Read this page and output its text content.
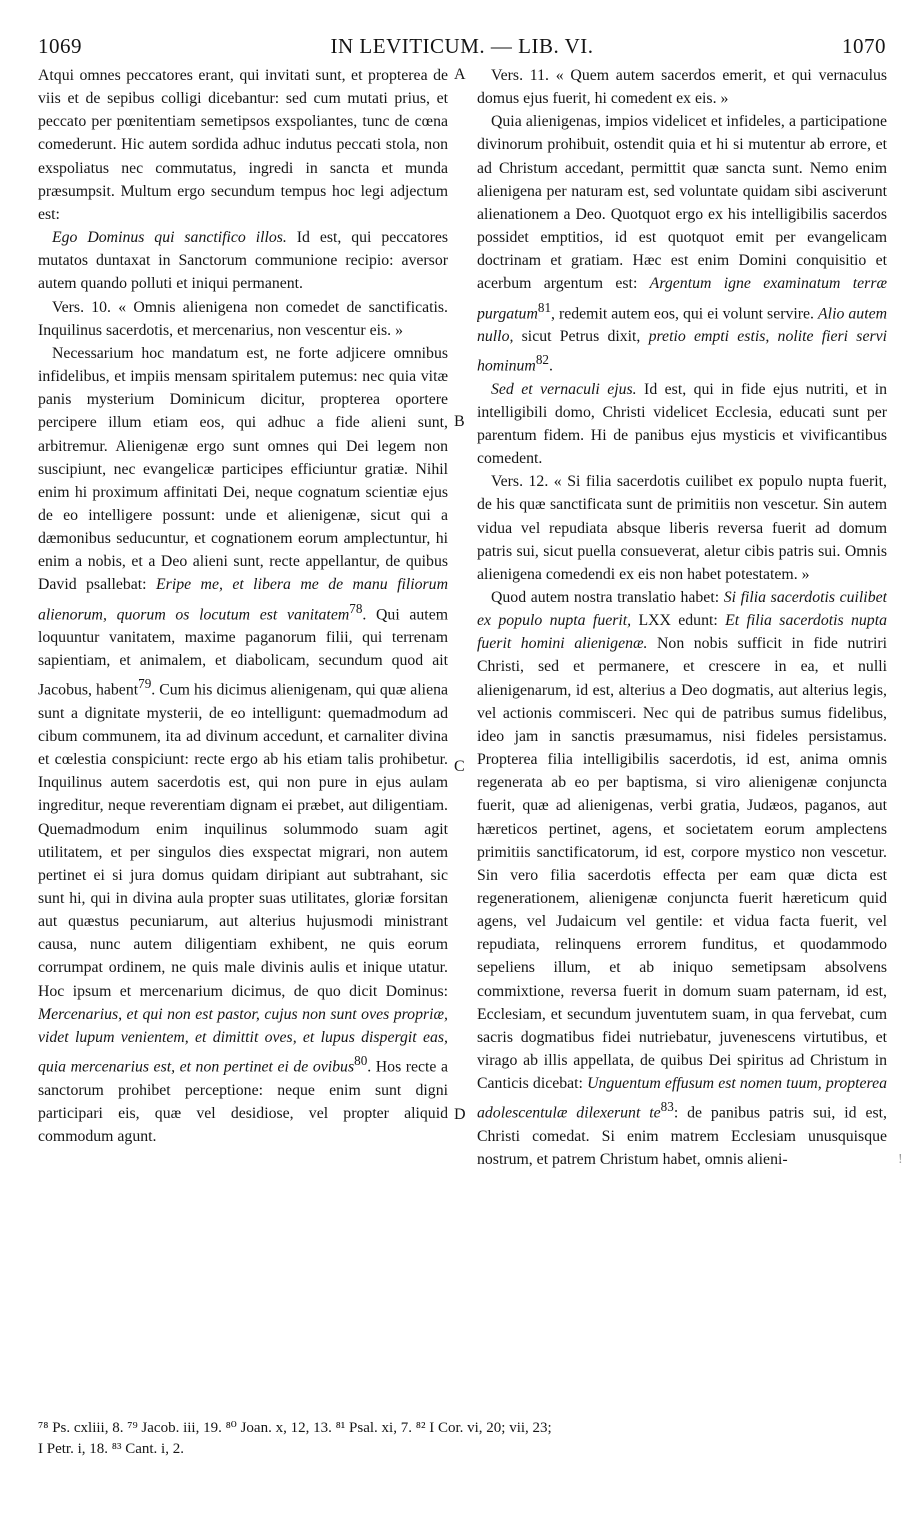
1069	IN LEVITICUM. — LIB. VI.	1070

Atqui omnes peccatores erant, qui invitati sunt, et propterea de viis et de sepibus colligi dicebantur: sed cum mutati prius, et peccato per pœnitentiam semetipsos exspoliantes, tunc de cœna comederunt. Hic autem sordida adhuc indutus peccati stola, non exspoliatus nec commutatus, ingredi in sancta et munda præsumpsit. Multum ergo secundum tempus hoc legi adjectum est:

Ego Dominus qui sanctifico illos. Id est, qui peccatores mutatos duntaxat in Sanctorum communione recipio: aversor autem quando polluti et iniqui permanent.

Vers. 10. « Omnis alienigena non comedet de sanctificatis. Inquilinus sacerdotis, et mercenarius, non vescentur eis. »

Necessarium hoc mandatum est, ne forte adjicere omnibus infidelibus, et impiis mensam spiritalem putemus: nec quia vitæ panis mysterium Dominicum dicitur, propterea oportere percipere illum etiam eos, qui adhuc a fide alieni sunt, arbitremur. Alienigenæ ergo sunt omnes qui Dei legem non suscipiunt, nec evangelicæ participes efficiuntur gratiæ. Nihil enim hi proximum affinitati Dei, neque cognatum scientiæ ejus de eo intelligere possunt: unde et alienigenæ, sicut qui a dæmonibus seducuntur, et cognationem eorum amplectuntur, hi enim a nobis, et a Deo alieni sunt, recte appellantur, de quibus David psallebat: Eripe me, et libera me de manu filiorum alienorum, quorum os locutum est vanitatem$^{78}$. Qui autem loquuntur vanitatem, maxime paganorum filii, qui terrenam sapientiam, et animalem, et diabolicam, secundum quod ait Jacobus, habent$^{79}$. Cum his dicimus alienigenam, qui quæ aliena sunt a dignitate mysterii, de eo intelligunt: quemadmodum ad cibum communem, ita ad divinum accedunt, et carnaliter divina et cœlestia conspiciunt: recte ergo ab his etiam talis prohibetur. Inquilinus autem sacerdotis est, qui non pure in ejus aulam ingreditur, neque reverentiam dignam ei præbet, aut diligentiam. Quemadmodum enim inquilinus solummodo suam agit utilitatem, et per singulos dies exspectat migrari, non autem pertinet ei si jura domus quidam diripiant aut subtrahant, sic sunt hi, qui in divina aula propter suas utilitates, gloriæ forsitan aut quæstus pecuniarum, aut alterius hujusmodi ministrant causa, nunc autem diligentiam exhibent, ne quis eorum corrumpat ordinem, ne quis male divinis aulis et inique utatur. Hoc ipsum et mercenarium dicimus, de quo dicit Dominus: Mercenarius, et qui non est pastor, cujus non sunt oves propriæ, videt lupum venientem, et dimittit oves, et lupus dispergit eas, quia mercenarius est, et non pertinet ei de ovibus$^{80}$. Hos recte a sanctorum prohibet perceptione: neque enim sunt digni participari eis, quæ vel desidiose, vel propter aliquid commodum agunt.

A
B
C
D
!

Vers. 11. « Quem autem sacerdos emerit, et qui vernaculus domus ejus fuerit, hi comedent ex eis. »

Quia alienigenas, impios videlicet et infideles, a participatione divinorum prohibuit, ostendit quia et hi si mutentur ab errore, et ad Christum accedant, permittit quæ sancta sunt. Nemo enim alienigena per naturam est, sed voluntate quidam sibi asciverunt alienationem a Deo. Quotquot ergo ex his intelligibilis sacerdos possidet emptitios, id est quotquot emit per evangelicam doctrinam et gratiam. Hæc est enim Domini conquisitio et acerbum argentum est: Argentum igne examinatum terræ purgatum$^{81}$, redemit autem eos, qui ei volunt servire. Alio autem nullo, sicut Petrus dixit, pretio empti estis, nolite fieri servi hominum$^{82}$.

Sed et vernaculi ejus. Id est, qui in fide ejus nutriti, et in intelligibili domo, Christi videlicet Ecclesia, educati sunt per parentum fidem. Hi de panibus ejus mysticis et vivificantibus comedent.

Vers. 12. « Si filia sacerdotis cuilibet ex populo nupta fuerit, de his quæ sanctificata sunt de primitiis non vescetur. Sin autem vidua vel repudiata absque liberis reversa fuerit ad domum patris sui, sicut puella consueverat, aletur cibis patris sui. Omnis alienigena comedendi ex eis non habet potestatem. »

Quod autem nostra translatio habet: Si filia sacerdotis cuilibet ex populo nupta fuerit, LXX edunt: Et filia sacerdotis nupta fuerit homini alienigenæ. Non nobis sufficit in fide nutriri Christi, sed et permanere, et crescere in ea, et nulli alienigenarum, id est, alterius a Deo dogmatis, aut alterius legis, vel actionis commisceri. Nec qui de patribus sumus fidelibus, ideo jam in sanctis præsumamus, nisi fideles persistamus. Propterea filia intelligibilis sacerdotis, id est, anima omnis regenerata ab eo per baptisma, si viro alienigenæ conjuncta fuerit, quæ ad alienigenas, verbi gratia, Judæos, paganos, aut hæreticos pertinet, agens, et societatem eorum amplectens primitiis sanctificatorum, id est, corpore mystico non vescetur. Sin vero filia sacerdotis effecta per eam quæ dicta est regenerationem, alienigenæ conjuncta fuerit hæreticum quid agens, vel Judaicum vel gentile: et vidua facta fuerit, vel repudiata, relinquens errorem funditus, et quodammodo sepeliens illum, et ab iniquo semetipsam absolvens commixtione, reversa fuerit in domum suam paternam, id est, Ecclesiam, et secundum juventutem suam, in qua fervebat, cum sacris dogmatibus fidei nutriebatur, juvenescens virtutibus, et virago ab illis appellata, de quibus Dei spiritus ad Christum in Canticis dicebat: Unguentum effusum est nomen tuum, propterea adolescentulæ dilexerunt $te^{83}$: de panibus patris sui, id est, Christi comedat. Si enim matrem Ecclesiam unusquisque nostrum, et patrem Christum habet, omnis alieni-

⁷⁸ Ps. cxliii, 8. ⁷⁹ Jacob. iii, 19. ⁸⁰ Joan. x, 12, 13. ⁸¹ Psal. xi, 7. ⁸² I Cor. vi, 20; vii, 23;
I Petr. i, 18. ⁸³ Cant. i, 2.
